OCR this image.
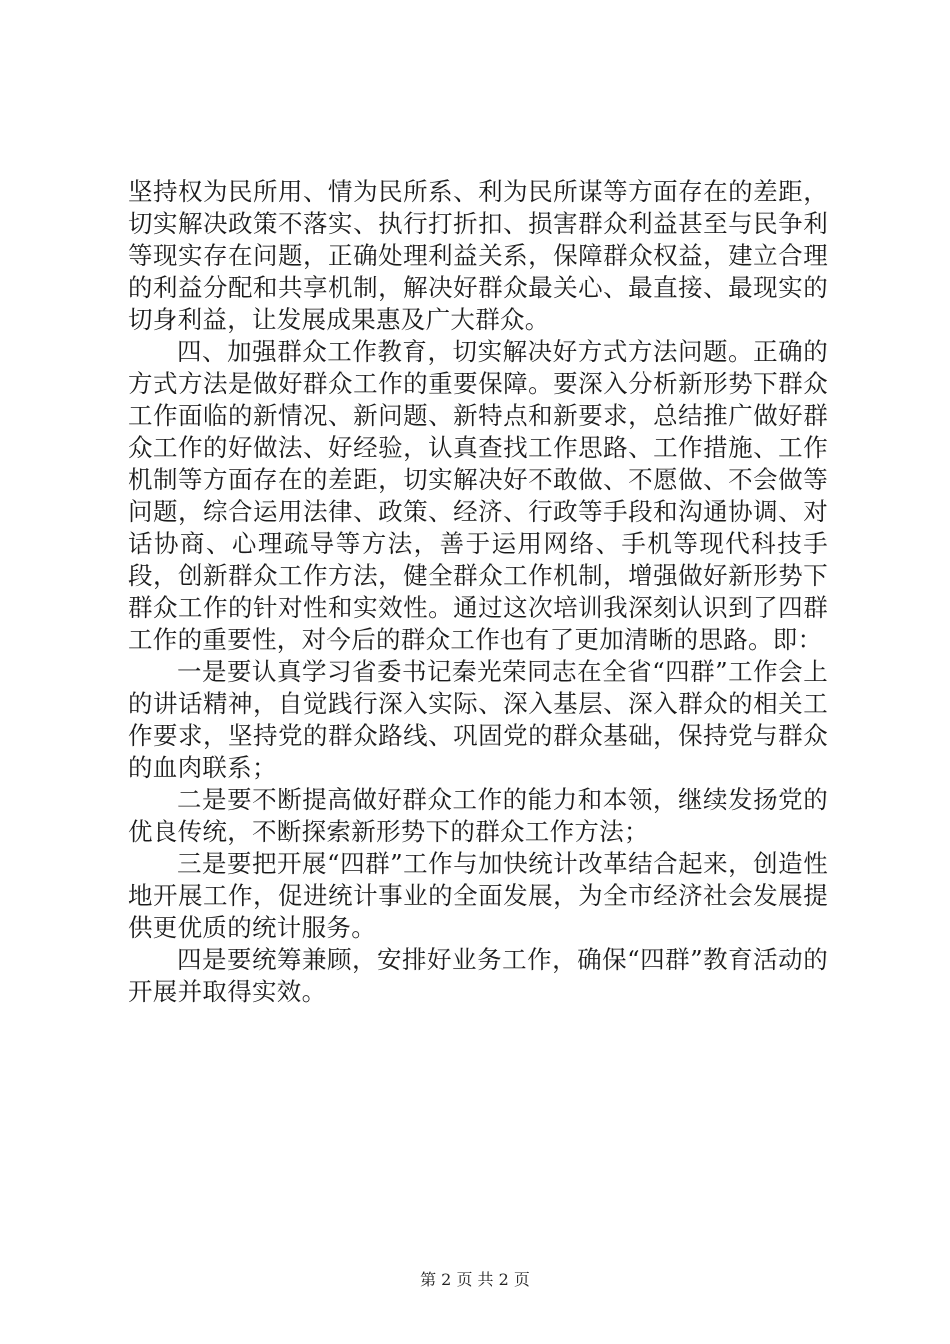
坚持权为民所用、情为民所系、利为民所谋等方面存在的差距，切实解决政策不落实、执行打折扣、损害群众利益甚至与民争利等现实存在问题，正确处理利益关系，保障群众权益，建立合理的利益分配和共享机制，解决好群众最关心、最直接、最现实的切身利益，让发展成果惠及广大群众。

四、加强群众工作教育，切实解决好方式方法问题。正确的方式方法是做好群众工作的重要保障。要深入分析新形势下群众工作面临的新情况、新问题、新特点和新要求，总结推广做好群众工作的好做法、好经验，认真查找工作思路、工作措施、工作机制等方面存在的差距，切实解决好不敢做、不愿做、不会做等问题，综合运用法律、政策、经济、行政等手段和沟通协调、对话协商、心理疏导等方法，善于运用网络、手机等现代科技手段，创新群众工作方法，健全群众工作机制，增强做好新形势下群众工作的针对性和实效性。通过这次培训我深刻认识到了四群工作的重要性，对今后的群众工作也有了更加清晰的思路。即：

一是要认真学习省委书记秦光荣同志在全省“四群”工作会上的讲话精神，自觉践行深入实际、深入基层、深入群众的相关工作要求，坚持党的群众路线、巩固党的群众基础，保持党与群众的血肉联系；

二是要不断提高做好群众工作的能力和本领，继续发扬党的优良传统，不断探索新形势下的群众工作方法；

三是要把开展“四群”工作与加快统计改革结合起来，创造性地开展工作，促进统计事业的全面发展，为全市经济社会发展提供更优质的统计服务。

四是要统筹兼顾，安排好业务工作，确保“四群”教育活动的开展并取得实效。

第 2 页 共 2 页
